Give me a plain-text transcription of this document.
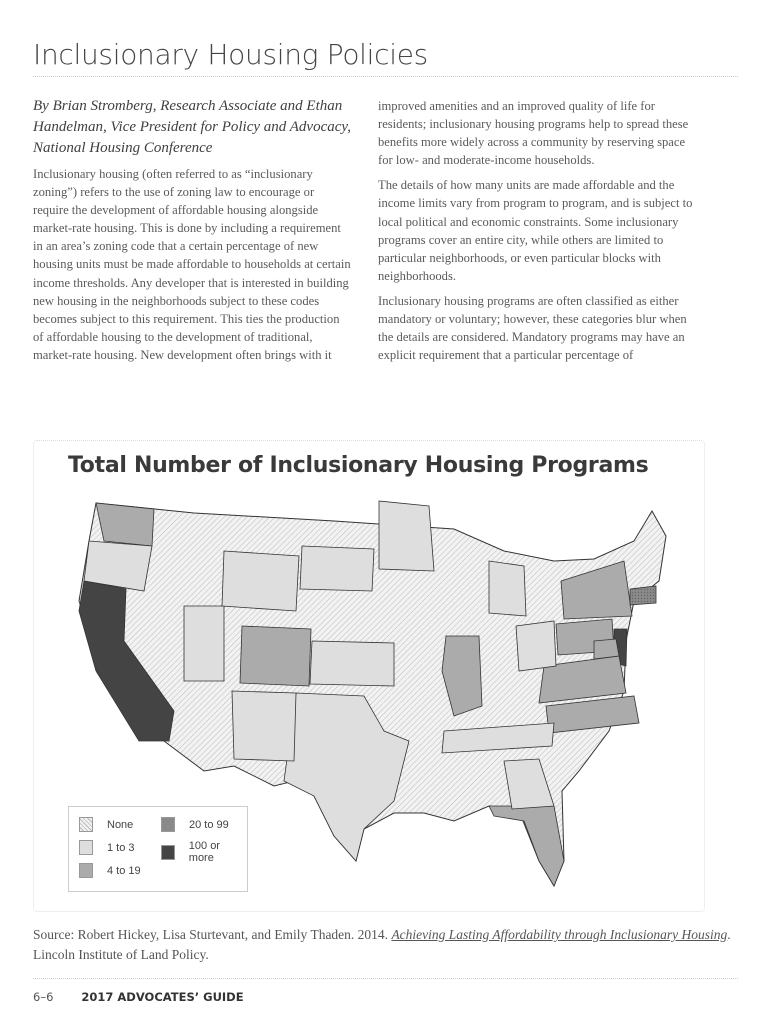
Inclusionary Housing Policies

By Brian Stromberg, Research Associate and Ethan Handelman, Vice President for Policy and Advocacy, National Housing Conference

Inclusionary housing (often referred to as “inclusionary zoning”) refers to the use of zoning law to encourage or require the development of affordable housing alongside market-rate housing. This is done by including a requirement in an area’s zoning code that a certain percentage of new housing units must be made affordable to households at certain income thresholds. Any developer that is interested in building new housing in the neighborhoods subject to these codes becomes subject to this requirement. This ties the production of affordable housing to the development of traditional, market-rate housing. New development often brings with it

improved amenities and an improved quality of life for residents; inclusionary housing programs help to spread these benefits more widely across a community by reserving space for low- and moderate-income households.

The details of how many units are made affordable and the income limits vary from program to program, and is subject to local political and economic constraints. Some inclusionary programs cover an entire city, while others are limited to particular neighborhoods, or even particular blocks with neighborhoods.

Inclusionary housing programs are often classified as either mandatory or voluntary; however, these categories blur when the details are considered. Mandatory programs may have an explicit requirement that a particular percentage of

Total Number of Inclusionary Housing Programs
None
1 to 3
4 to 19
20 to 99
100 or more
Source: Robert Hickey, Lisa Sturtevant, and Emily Thaden. 2014. Achieving Lasting Affordability through Inclusionary Housing. Lincoln Institute of Land Policy.
6–6 2017 ADVOCATES’ GUIDE
